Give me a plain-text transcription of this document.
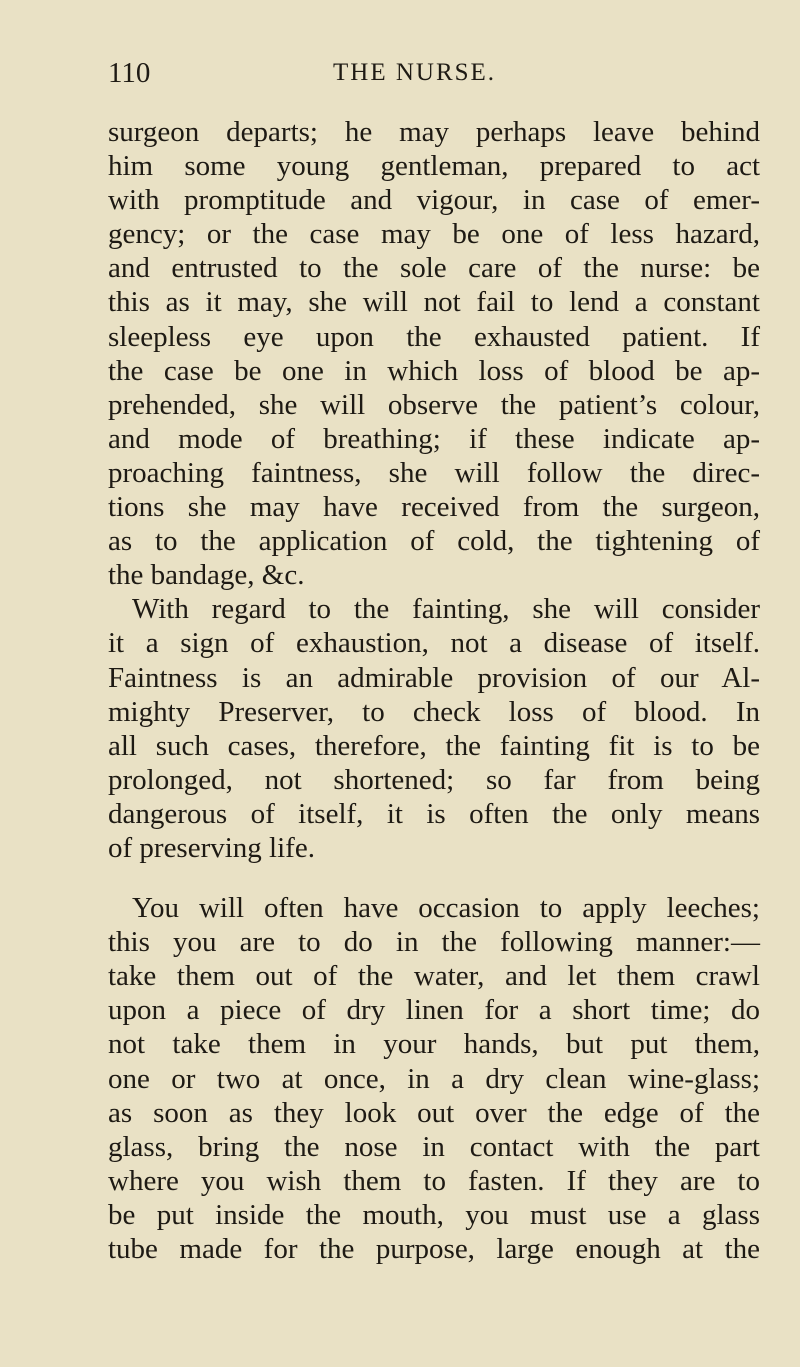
110	THE NURSE.
surgeon departs; he may perhaps leave behind
him some young gentleman, prepared to act
with promptitude and vigour, in case of emer-
gency; or the case may be one of less hazard,
and entrusted to the sole care of the nurse: be
this as it may, she will not fail to lend a constant
sleepless eye upon the exhausted patient. If
the case be one in which loss of blood be ap-
prehended, she will observe the patient’s colour,
and mode of breathing; if these indicate ap-
proaching faintness, she will follow the direc-
tions she may have received from the surgeon,
as to the application of cold, the tightening of
the bandage, &c.
With regard to the fainting, she will consider
it a sign of exhaustion, not a disease of itself.
Faintness is an admirable provision of our Al-
mighty Preserver, to check loss of blood. In
all such cases, therefore, the fainting fit is to be
prolonged, not shortened; so far from being
dangerous of itself, it is often the only means
of preserving life.
You will often have occasion to apply leeches;
this you are to do in the following manner:—
take them out of the water, and let them crawl
upon a piece of dry linen for a short time; do
not take them in your hands, but put them,
one or two at once, in a dry clean wine-glass;
as soon as they look out over the edge of the
glass, bring the nose in contact with the part
where you wish them to fasten. If they are to
be put inside the mouth, you must use a glass
tube made for the purpose, large enough at the
